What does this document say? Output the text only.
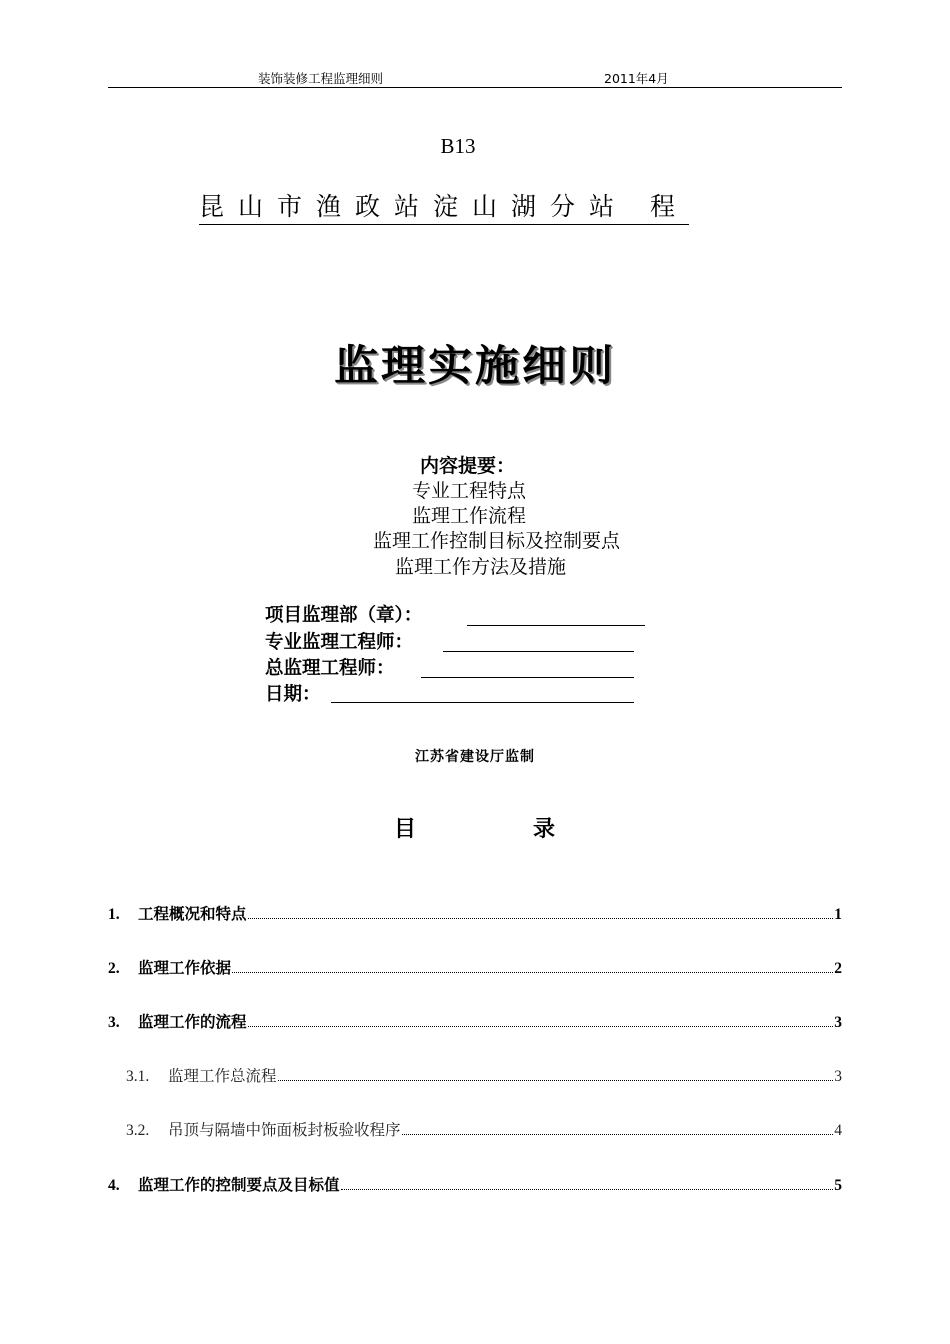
装饰装修工程监理细则	2011年4月
B13
昆山市渔政站淀山湖分站 程
监理实施细则
内容提要：
专业工程特点
监理工作流程
监理工作控制目标及控制要点
监理工作方法及措施
项目监理部（章）：
专业监理工程师：
总监理工程师：
日期：
江苏省建设厅监制
目	录
1.	工程概况和特点	1
2.	监理工作依据	2
3.	监理工作的流程	3
3.1.	监理工作总流程	3
3.2.	吊顶与隔墙中饰面板封板验收程序	4
4.	监理工作的控制要点及目标值	5
